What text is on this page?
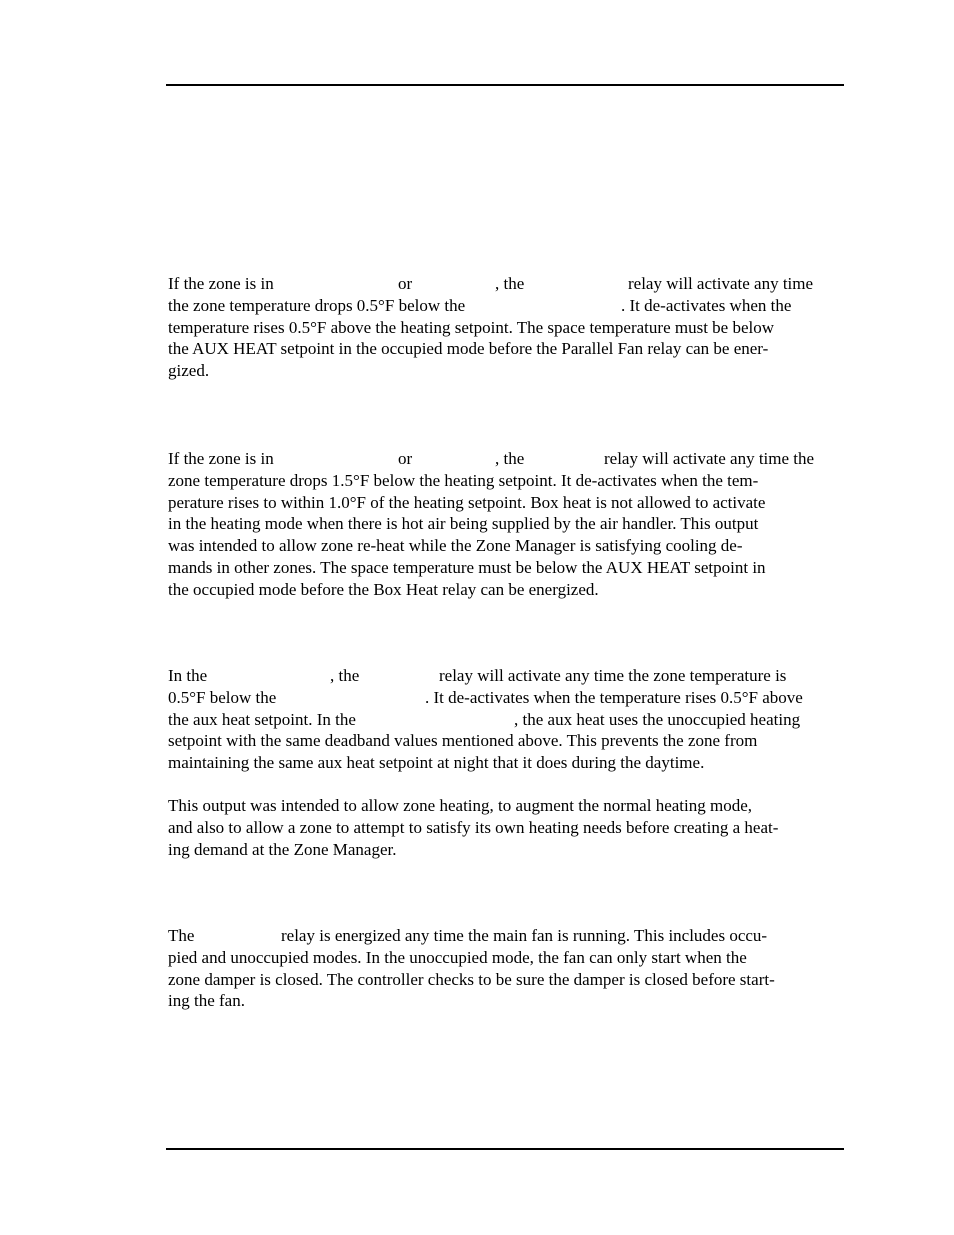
If the zone is in	or	, the	relay will activate any time
the zone temperature drops 0.5°F below the	. It de-activates when the
temperature rises 0.5°F above the heating setpoint. The space temperature must be below
the AUX HEAT setpoint in the occupied mode before the Parallel Fan relay can be ener-
gized.
If the zone is in	or	, the	relay will activate any time the
zone temperature drops 1.5°F below the heating setpoint. It de-activates when the tem-
perature rises to within 1.0°F of the heating setpoint. Box heat is not allowed to activate
in the heating mode when there is hot air being supplied by the air handler. This output
was intended to allow zone re-heat while the Zone Manager is satisfying cooling de-
mands in other zones. The space temperature must be below the AUX HEAT setpoint in
the occupied mode before the Box Heat relay can be energized.
In the	, the	relay will activate any time the zone temperature is
0.5°F below the	. It de-activates when the temperature rises 0.5°F above
the aux heat setpoint. In the	, the aux heat uses the unoccupied heating
setpoint with the same deadband values mentioned above. This prevents the zone from
maintaining the same aux heat setpoint at night that it does during the daytime.
This output was intended to allow zone heating, to augment the normal heating mode,
and also to allow a zone to attempt to satisfy its own heating needs before creating a heat-
ing demand at the Zone Manager.
The	relay is energized any time the main fan is running. This includes occu-
pied and unoccupied modes. In the unoccupied mode, the fan can only start when the
zone damper is closed. The controller checks to be sure the damper is closed before start-
ing the fan.
